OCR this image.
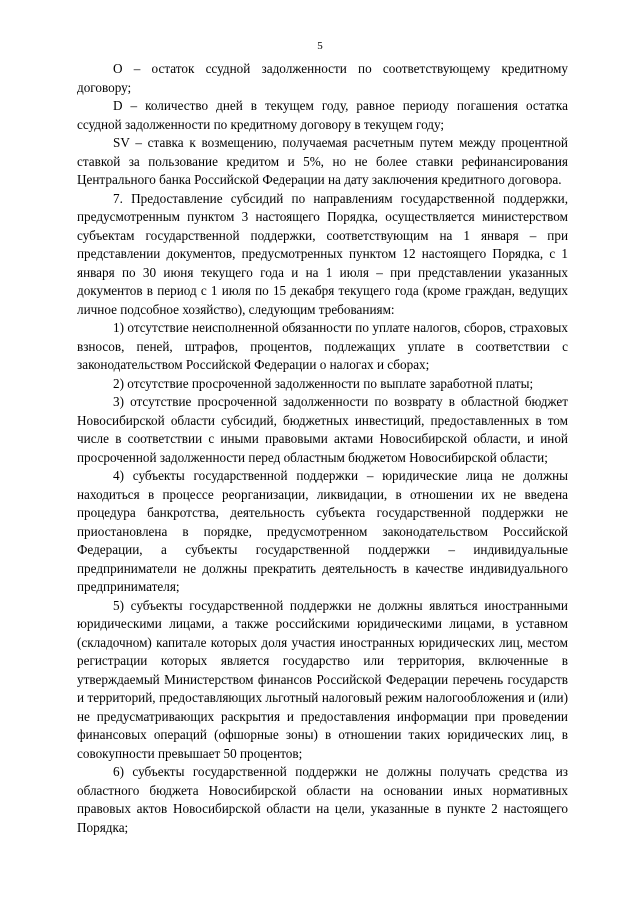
5

O – остаток ссудной задолженности по соответствующему кредитному договору;

D – количество дней в текущем году, равное периоду погашения остатка ссудной задолженности по кредитному договору в текущем году;

SV – ставка к возмещению, получаемая расчетным путем между процентной ставкой за пользование кредитом и 5%, но не более ставки рефинансирования Центрального банка Российской Федерации на дату заключения кредитного договора.

7. Предоставление субсидий по направлениям государственной поддержки, предусмотренным пунктом 3 настоящего Порядка, осуществляется министерством субъектам государственной поддержки, соответствующим на 1 января – при представлении документов, предусмотренных пунктом 12 настоящего Порядка, с 1 января по 30 июня текущего года и на 1 июля – при представлении указанных документов в период с 1 июля по 15 декабря текущего года (кроме граждан, ведущих личное подсобное хозяйство), следующим требованиям:

1) отсутствие неисполненной обязанности по уплате налогов, сборов, страховых взносов, пеней, штрафов, процентов, подлежащих уплате в соответствии с законодательством Российской Федерации о налогах и сборах;

2) отсутствие просроченной задолженности по выплате заработной платы;

3) отсутствие просроченной задолженности по возврату в областной бюджет Новосибирской области субсидий, бюджетных инвестиций, предоставленных в том числе в соответствии с иными правовыми актами Новосибирской области, и иной просроченной задолженности перед областным бюджетом Новосибирской области;

4) субъекты государственной поддержки – юридические лица не должны находиться в процессе реорганизации, ликвидации, в отношении их не введена процедура банкротства, деятельность субъекта государственной поддержки не приостановлена в порядке, предусмотренном законодательством Российской Федерации, а субъекты государственной поддержки – индивидуальные предприниматели не должны прекратить деятельность в качестве индивидуального предпринимателя;

5) субъекты государственной поддержки не должны являться иностранными юридическими лицами, а также российскими юридическими лицами, в уставном (складочном) капитале которых доля участия иностранных юридических лиц, местом регистрации которых является государство или территория, включенные в утверждаемый Министерством финансов Российской Федерации перечень государств и территорий, предоставляющих льготный налоговый режим налогообложения и (или) не предусматривающих раскрытия и предоставления информации при проведении финансовых операций (офшорные зоны) в отношении таких юридических лиц, в совокупности превышает 50 процентов;

6) субъекты государственной поддержки не должны получать средства из областного бюджета Новосибирской области на основании иных нормативных правовых актов Новосибирской области на цели, указанные в пункте 2 настоящего Порядка;
